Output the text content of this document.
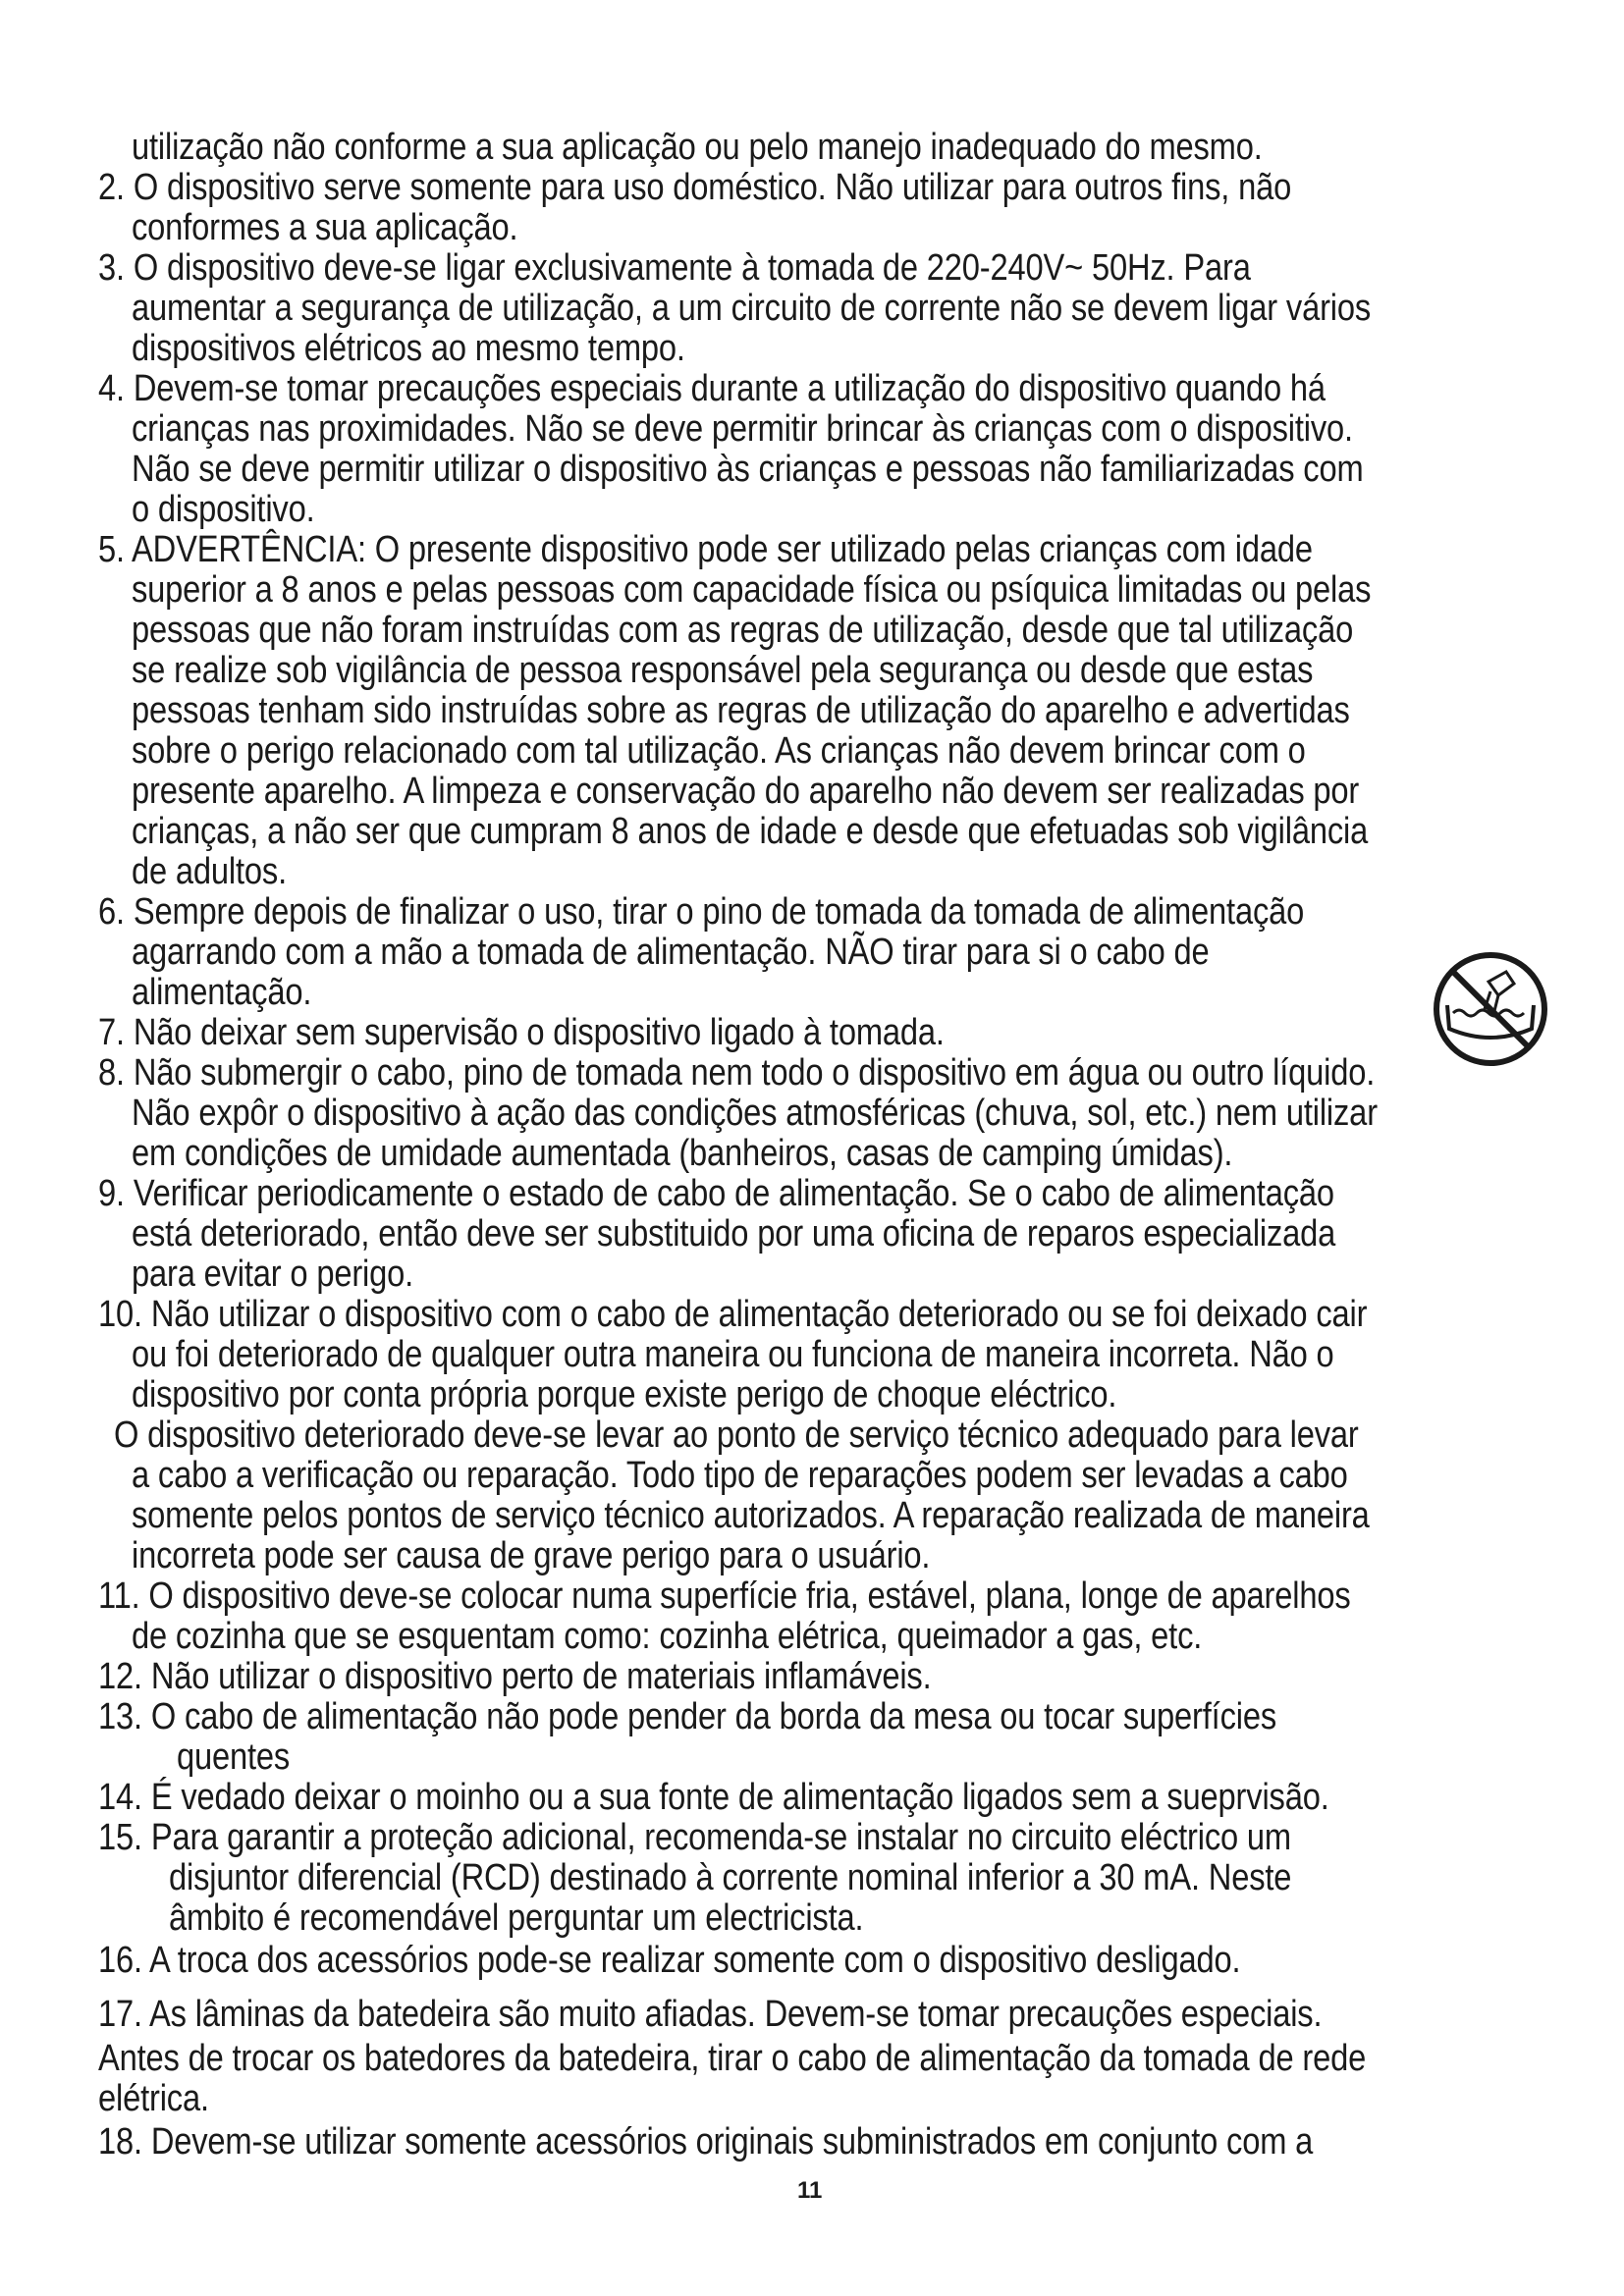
utilização não conforme a sua aplicação ou pelo manejo inadequado do mesmo.
2. O dispositivo serve somente para uso doméstico. Não utilizar para outros fins, não
conformes a sua aplicação.
3. O dispositivo deve-se ligar exclusivamente à tomada de 220-240V~ 50Hz. Para
aumentar a segurança de utilização, a um circuito de corrente não se devem ligar vários
dispositivos elétricos ao mesmo tempo.
4. Devem-se tomar precauções especiais durante a utilização do dispositivo quando há
crianças nas proximidades. Não se deve permitir brincar às crianças com o dispositivo.
Não se deve permitir utilizar o dispositivo às crianças e pessoas não familiarizadas com
o dispositivo.
5. ADVERTÊNCIA: O presente dispositivo pode ser utilizado pelas crianças com idade
superior a 8 anos e pelas pessoas com capacidade física ou psíquica limitadas ou pelas
pessoas que não foram instruídas com as regras de utilização, desde que tal utilização
se realize sob vigilância de pessoa responsável pela segurança ou desde que estas
pessoas tenham sido instruídas sobre as regras de utilização do aparelho e advertidas
sobre o perigo relacionado com tal utilização. As crianças não devem brincar com o
presente aparelho. A limpeza e conservação do aparelho não devem ser realizadas por
crianças, a não ser que cumpram 8 anos de idade e desde que efetuadas sob vigilância
de adultos.
6. Sempre depois de finalizar o uso, tirar o pino de tomada da tomada de alimentação
agarrando com a mão a tomada de alimentação. NÃO tirar para si o cabo de
alimentação.
7. Não deixar sem supervisão o dispositivo ligado à tomada.
8. Não submergir o cabo, pino de tomada nem todo o dispositivo em água ou outro líquido.
Não expôr o dispositivo à ação das condições atmosféricas (chuva, sol, etc.) nem utilizar
em condições de umidade aumentada (banheiros, casas de camping úmidas).
9. Verificar periodicamente o estado de cabo de alimentação. Se o cabo de alimentação
está deteriorado, então deve ser substituido por uma oficina de reparos especializada
para evitar o perigo.
10. Não utilizar o dispositivo com o cabo de alimentação deteriorado ou se foi deixado cair
ou foi deteriorado de qualquer outra maneira ou funciona de maneira incorreta. Não o
dispositivo por conta própria porque existe perigo de choque eléctrico.
O dispositivo deteriorado deve-se levar ao ponto de serviço técnico adequado para levar
a cabo a verificação ou reparação. Todo tipo de reparações podem ser levadas a cabo
somente pelos pontos de serviço técnico autorizados. A reparação realizada de maneira
incorreta pode ser causa de grave perigo para o usuário.
11. O dispositivo deve-se colocar numa superfície fria, estável, plana, longe de aparelhos
de cozinha que se esquentam como: cozinha elétrica, queimador a gas, etc.
12. Não utilizar o dispositivo perto de materiais inflamáveis.
13. O cabo de alimentação não pode pender da borda da mesa ou tocar superfícies
quentes
14. É vedado deixar o moinho ou a sua fonte de alimentação ligados sem a sueprvisão.
15. Para garantir a proteção adicional, recomenda-se instalar no circuito eléctrico um
disjuntor diferencial (RCD) destinado à corrente nominal inferior a 30 mA. Neste
âmbito é recomendável perguntar um electricista.
16. A troca dos acessórios pode-se realizar somente com o dispositivo desligado.
17. As lâminas da batedeira são muito afiadas. Devem-se tomar precauções especiais.
Antes de trocar os batedores da batedeira, tirar o cabo de alimentação da tomada de rede
elétrica.
18. Devem-se utilizar somente acessórios originais subministrados em conjunto com a
11
